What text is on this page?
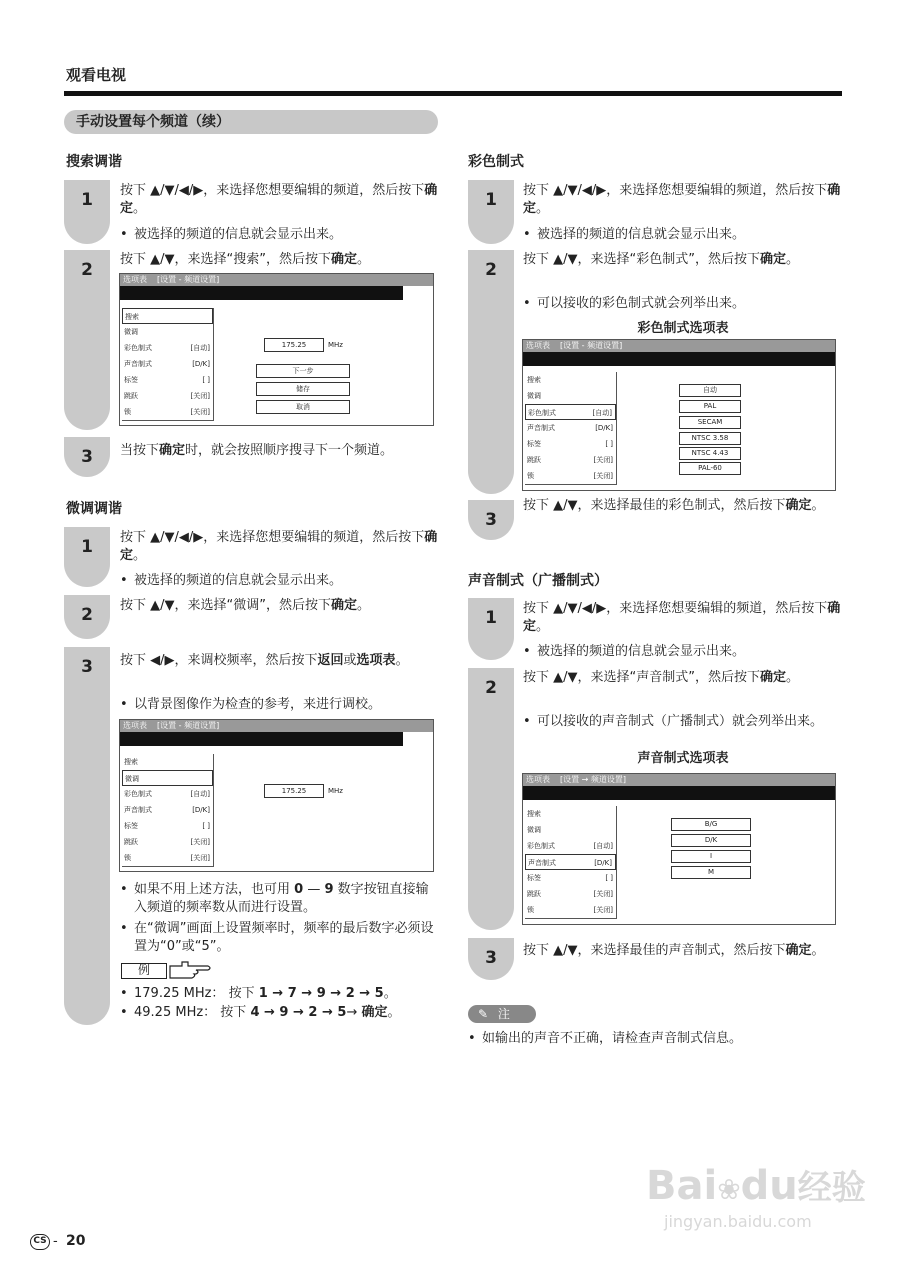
观看电视
手动设置每个频道（续）
搜索调谐
1	按下 ▲/▼/◀/▶，来选择您想要编辑的频道，然后按下确定。
• 被选择的频道的信息就会显示出来。
2
按下 ▲/▼，来选择“搜索”，然后按下确定。
选项表 [设置 - 频道设置]
搜索
微调
彩色制式	[自动]
声音制式	[D/K]
标签	[ ]
跳跃	[关闭]
锁	[关闭]
175.25	MHz
下一步
储存
取消
3	当按下确定时，就会按照顺序搜寻下一个频道。
微调调谐
1	按下 ▲/▼/◀/▶，来选择您想要编辑的频道，然后按下确定。
• 被选择的频道的信息就会显示出来。
2	按下 ▲/▼，来选择“微调”，然后按下确定。
3	按下 ◀/▶，来调校频率，然后按下返回或选项表。
• 以背景图像作为检查的参考，来进行调校。
选项表 [设置 - 频道设置]
搜索
微调
彩色制式	[自动]
声音制式	[D/K]
标签	[ ]
跳跃	[关闭]
锁	[关闭]
175.25	MHz
• 如果不用上述方法，也可用 0 — 9 数字按钮直接输入频道的频率数从而进行设置。
• 在“微调”画面上设置频率时，频率的最后数字必须设置为“0”或“5”。
例
• 179.25 MHz： 按下 1 → 7 → 9 → 2 → 5。
• 49.25 MHz： 按下 4 → 9 → 2 → 5→ 确定。
彩色制式
1	按下 ▲/▼/◀/▶，来选择您想要编辑的频道，然后按下确定。
• 被选择的频道的信息就会显示出来。
2
按下 ▲/▼，来选择“彩色制式”，然后按下确定。
• 可以接收的彩色制式就会列举出来。
彩色制式选项表
选项表 [设置 - 频道设置]
搜索
微调
彩色制式	[自动]
声音制式	[D/K]
标签	[ ]
跳跃	[关闭]
锁	[关闭]
自动
PAL
SECAM
NTSC 3.58
NTSC 4.43
PAL-60
3
按下 ▲/▼，来选择最佳的彩色制式，然后按下确定。
声音制式（广播制式）
1	按下 ▲/▼/◀/▶，来选择您想要编辑的频道，然后按下确定。
• 被选择的频道的信息就会显示出来。
2
按下 ▲/▼，来选择“声音制式”，然后按下确定。
• 可以接收的声音制式（广播制式）就会列举出来。
声音制式选项表
选项表 [设置 → 频道设置]
搜索
微调
彩色制式	[自动]
声音制式	[D/K]
标签	[ ]
跳跃	[关闭]
锁	[关闭]
B/G
D/K
I
M
3	按下 ▲/▼，来选择最佳的声音制式，然后按下确定。
✎ 注
• 如输出的声音不正确，请检查声音制式信息。
Bai❀du经验
jingyan.baidu.com
CS - 20
